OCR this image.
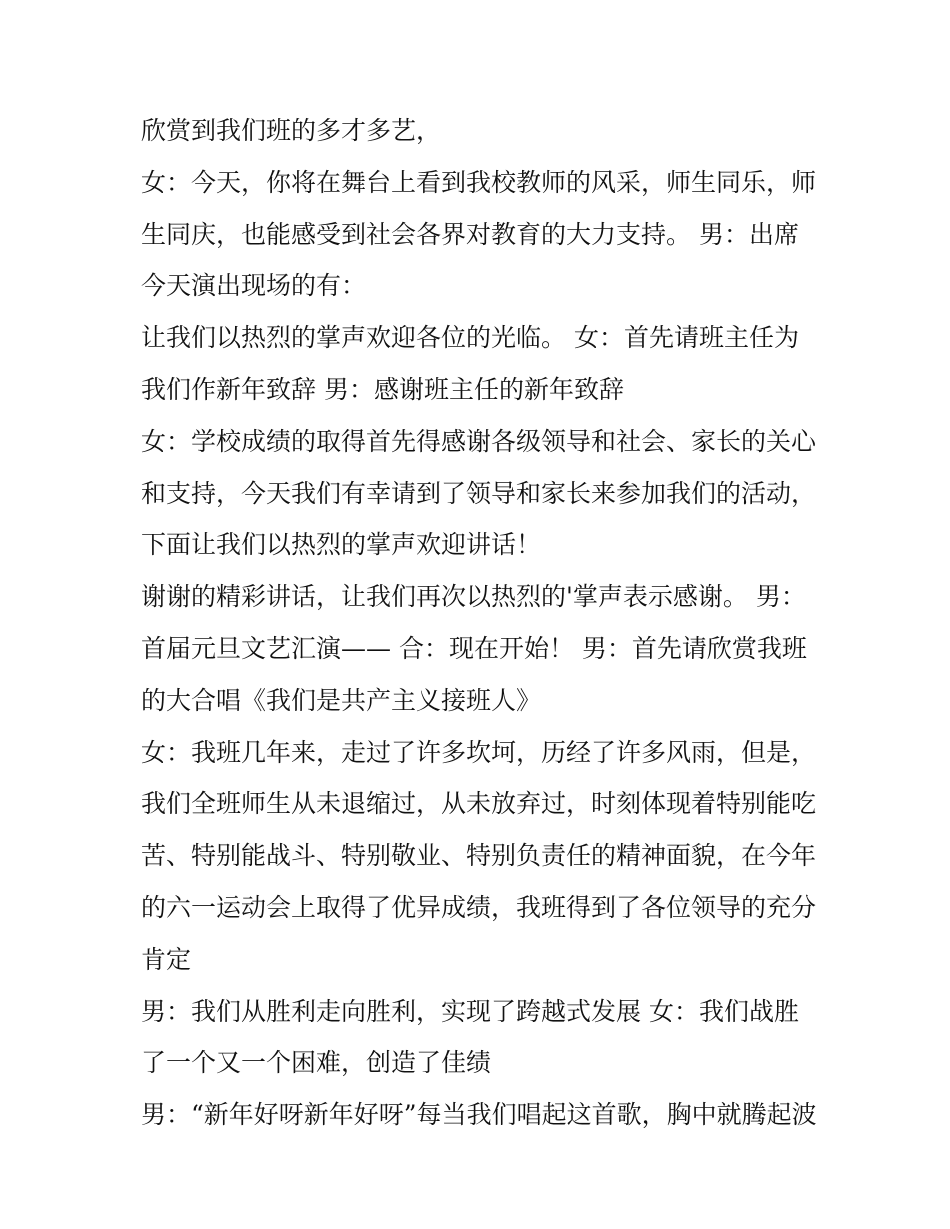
欣赏到我们班的多才多艺，
女：今天，你将在舞台上看到我校教师的风采，师生同乐，师
生同庆，也能感受到社会各界对教育的大力支持。 男：出席
今天演出现场的有：
让我们以热烈的掌声欢迎各位的光临。 女：首先请班主任为
我们作新年致辞 男：感谢班主任的新年致辞
女：学校成绩的取得首先得感谢各级领导和社会、家长的关心
和支持，今天我们有幸请到了领导和家长来参加我们的活动，
下面让我们以热烈的掌声欢迎讲话！
谢谢的精彩讲话，让我们再次以热烈的'掌声表示感谢。 男：
首届元旦文艺汇演—— 合：现在开始！ 男：首先请欣赏我班
的大合唱《我们是共产主义接班人》
女：我班几年来，走过了许多坎坷，历经了许多风雨，但是，
我们全班师生从未退缩过，从未放弃过，时刻体现着特别能吃
苦、特别能战斗、特别敬业、特别负责任的精神面貌，在今年
的六一运动会上取得了优异成绩，我班得到了各位领导的充分
肯定
男：我们从胜利走向胜利，实现了跨越式发展 女：我们战胜
了一个又一个困难，创造了佳绩
男：“新年好呀新年好呀”每当我们唱起这首歌，胸中就腾起波
